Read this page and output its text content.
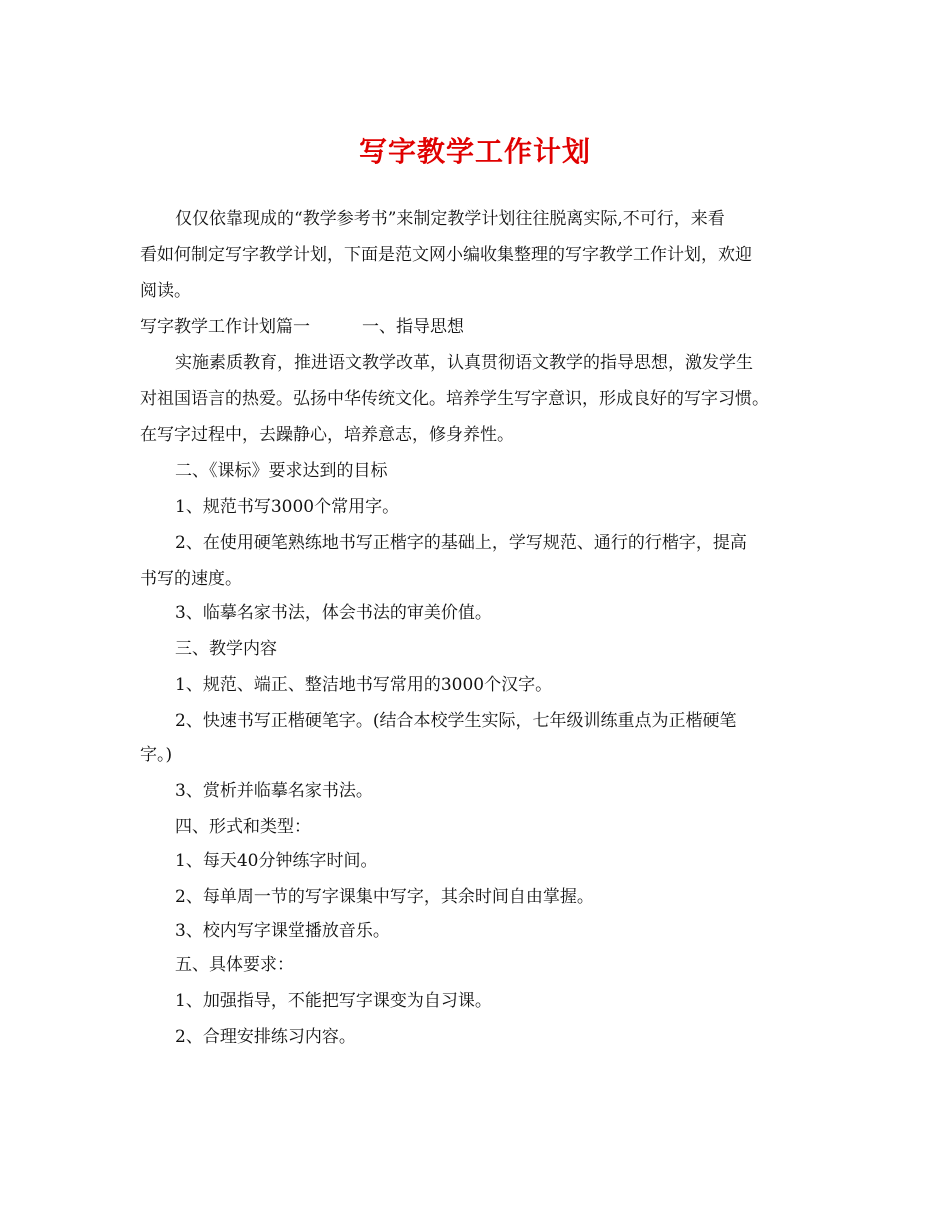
写字教学工作计划
仅仅依靠现成的“教学参考书”来制定教学计划往往脱离实际,不可行，来看
看如何制定写字教学计划，下面是范文网小编收集整理的写字教学工作计划，欢迎
阅读。
写字教学工作计划篇一	一、指导思想
实施素质教育，推进语文教学改革，认真贯彻语文教学的指导思想，激发学生
对祖国语言的热爱。弘扬中华传统文化。培养学生写字意识，形成良好的写字习惯。
在写字过程中，去躁静心，培养意志，修身养性。
二、《课标》要求达到的目标
1、规范书写3000个常用字。
2、在使用硬笔熟练地书写正楷字的基础上，学写规范、通行的行楷字，提高
书写的速度。
3、临摹名家书法，体会书法的审美价值。
三、教学内容
1、规范、端正、整洁地书写常用的3000个汉字。
2、快速书写正楷硬笔字。(结合本校学生实际，七年级训练重点为正楷硬笔
字。)
3、赏析并临摹名家书法。
四、形式和类型：
1、每天40分钟练字时间。
2、每单周一节的写字课集中写字，其余时间自由掌握。
3、校内写字课堂播放音乐。
五、具体要求：
1、加强指导，不能把写字课变为自习课。
2、合理安排练习内容。
